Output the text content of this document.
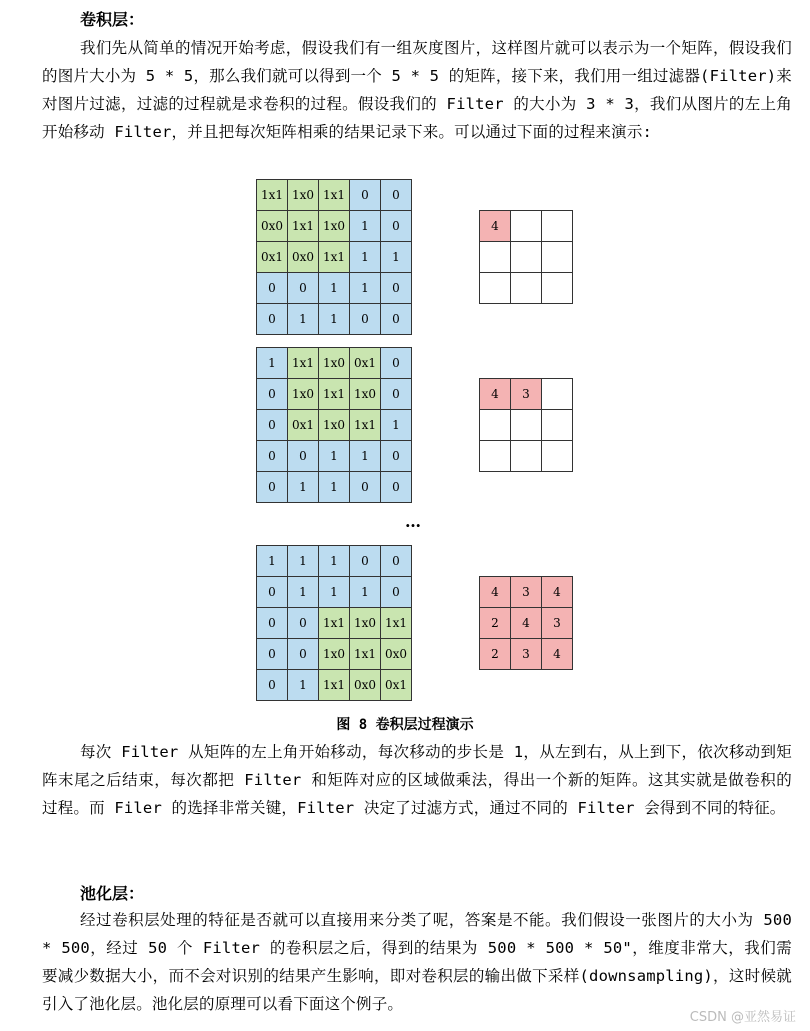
卷积层：
我们先从简单的情况开始考虑，假设我们有一组灰度图片，这样图片就可以表示为一个矩阵，假设我们的图片大小为 5 * 5，那么我们就可以得到一个 5 * 5 的矩阵，接下来，我们用一组过滤器(Filter)来对图片过滤，过滤的过程就是求卷积的过程。假设我们的 Filter 的大小为 3 * 3，我们从图片的左上角开始移动 Filter，并且把每次矩阵相乘的结果记录下来。可以通过下面的过程来演示:
1x1	1x0	1x1	0	0
0x0	1x1	1x0	1	0
0x1	0x0	1x1	1	1
0	0	1	1	0
0	1	1	0	0
4		

1	1x1	1x0	0x1	0
0	1x0	1x1	1x0	0
0	0x1	1x0	1x1	1
0	0	1	1	0
0	1	1	0	0
4	3	

…
1	1	1	0	0
0	1	1	1	0
0	0	1x1	1x0	1x1
0	0	1x0	1x1	0x0
0	1	1x1	0x0	0x1
4	3	4
2	4	3
2	3	4
图 8 卷积层过程演示
每次 Filter 从矩阵的左上角开始移动，每次移动的步长是 1，从左到右，从上到下，依次移动到矩阵末尾之后结束，每次都把 Filter 和矩阵对应的区域做乘法，得出一个新的矩阵。这其实就是做卷积的过程。而 Filer 的选择非常关键，Filter 决定了过滤方式，通过不同的 Filter 会得到不同的特征。
池化层：
经过卷积层处理的特征是否就可以直接用来分类了呢，答案是不能。我们假设一张图片的大小为 500 * 500，经过 50 个 Filter 的卷积层之后，得到的结果为 500 * 500 * 50"，维度非常大，我们需要减少数据大小，而不会对识别的结果产生影响，即对卷积层的输出做下采样(downsampling)，这时候就引入了池化层。池化层的原理可以看下面这个例子。
CSDN @亚然易证
